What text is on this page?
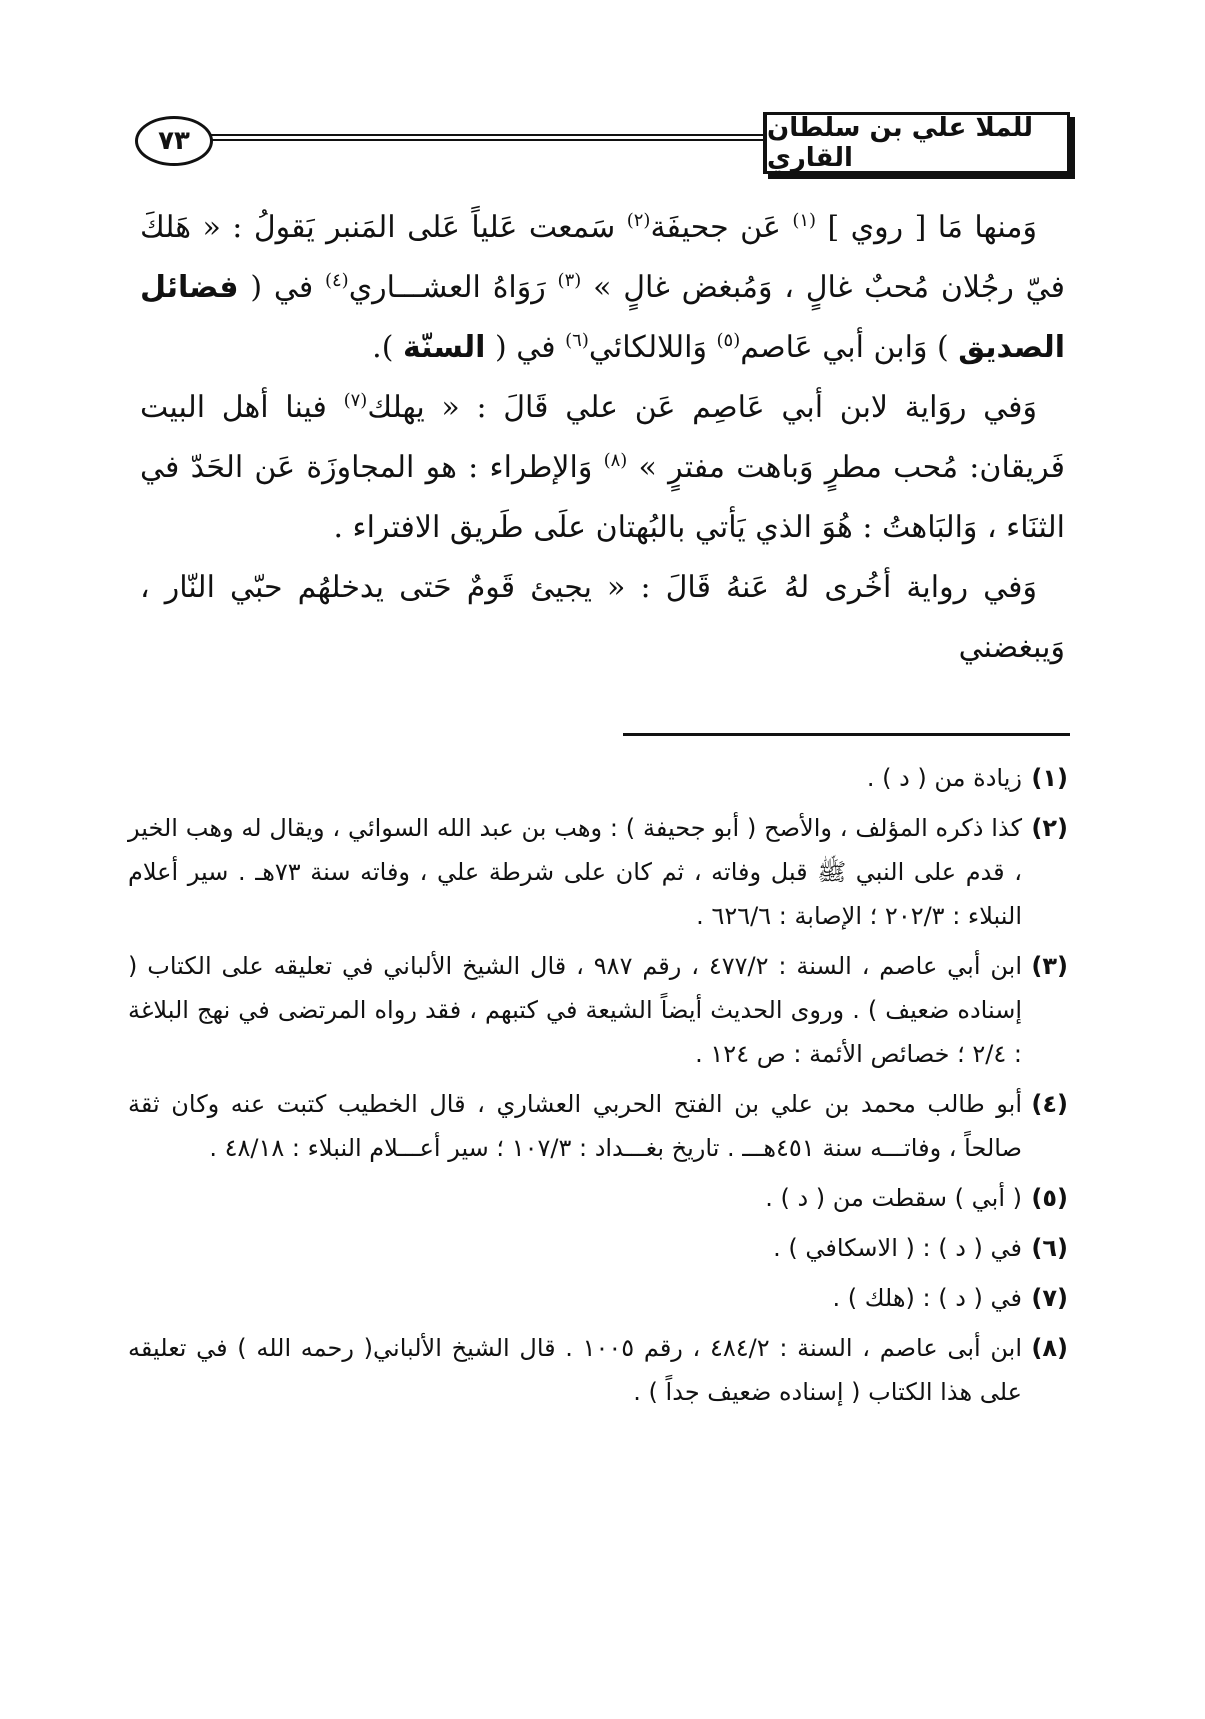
٧٣	للملا علي بن سلطان القاري

وَمنها مَا [ روي ] $^{(١)}$ عَن جحيفَة$^{(٢)}$ سَمعت عَلياً عَلى المَنبر يَقولُ : « هَلكَ فيّ رجُلان مُحبٌ غالٍ ، وَمُبغض غالٍ » $^{(٣)}$ رَوَاهُ العشـــاري$^{(٤)}$ في ( فضائل الصديق ) وَابن أبي عَاصم$^{(٥)}$ وَاللالكائي$^{(٦)}$ في ( السنّة ).

وَفي روَاية لابن أبي عَاصِم عَن علي قَالَ : « يهلك$^{(٧)}$ فينا أهل البيت فَريقان: مُحب مطرٍ وَباهت مفترٍ » $^{(٨)}$ وَالإطراء : هو المجاوزَة عَن الحَدّ في الثنَاء ، وَالبَاهتُ : هُوَ الذي يَأتي بالبُهتان علَى طَريق الافتراء .

وَفي رواية أخُرى لهُ عَنهُ قَالَ : « يجيئ قَومٌ حَتى يدخلهُم حبّي النّار ، وَيبغضني

(١)
زيادة من ( د ) .
(٢)
كذا ذكره المؤلف ، والأصح ( أبو جحيفة ) : وهب بن عبد الله السوائي ، ويقال له وهب الخير ، قدم على النبي ﷺ قبل وفاته ، ثم كان على شرطة علي ، وفاته سنة ٧٣هـ . سير أعلام النبلاء : ٢٠٢/٣ ؛ الإصابة : ٦٢٦/٦ .
(٣)
ابن أبي عاصم ، السنة : ٤٧٧/٢ ، رقم ٩٨٧ ، قال الشيخ الألباني في تعليقه على الكتاب ( إسناده ضعيف ) . وروى الحديث أيضاً الشيعة في كتبهم ، فقد رواه المرتضى في نهج البلاغة : ٢/٤ ؛ خصائص الأئمة : ص ١٢٤ .
(٤)
أبو طالب محمد بن علي بن الفتح الحربي العشاري ، قال الخطيب كتبت عنه وكان ثقة صالحاً ، وفاتـــه سنة ٤٥١هـــ . تاريخ بغـــداد : ١٠٧/٣ ؛ سير أعـــلام النبلاء : ٤٨/١٨ .
(٥)
( أبي ) سقطت من ( د ) .
(٦)
في ( د ) : ( الاسكافي ) .
(٧)
في ( د ) : (هلك ) .
(٨)
ابن أبى عاصم ، السنة : ٤٨٤/٢ ، رقم ١٠٠٥ . قال الشيخ الألباني( رحمه الله ) في تعليقه على هذا الكتاب ( إسناده ضعيف جداً ) .
